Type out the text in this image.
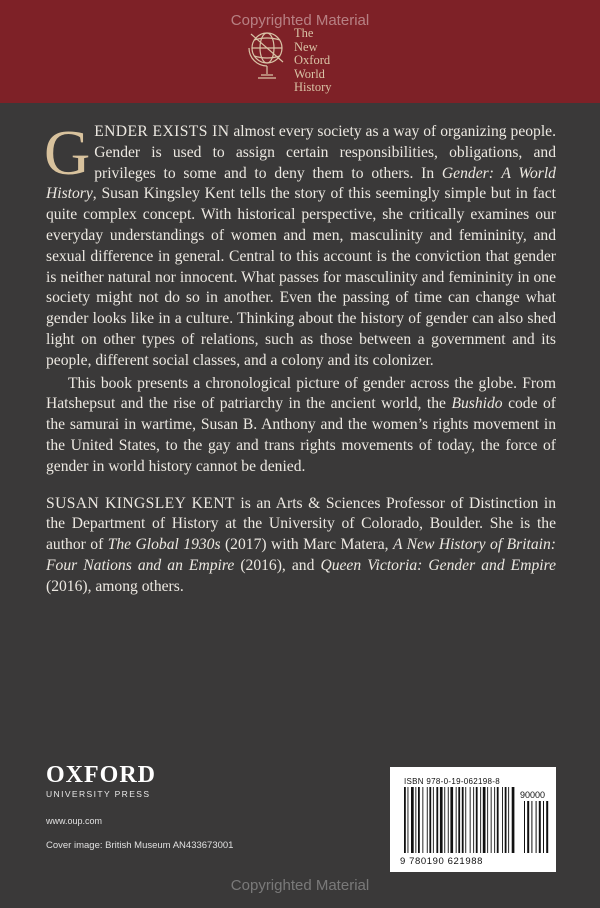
Copyrighted Material
The
New
Oxford
World
History

GENDER EXISTS IN almost every society as a way of organizing people. Gender is used to assign certain responsibilities, obligations, and privileges to some and to deny them to others. In Gender: A World History, Susan Kingsley Kent tells the story of this seemingly simple but in fact quite complex concept. With historical perspective, she critically examines our everyday understandings of women and men, masculinity and femininity, and sexual difference in general. Central to this account is the conviction that gender is neither natural nor innocent. What passes for masculinity and femininity in one society might not do so in another. Even the passing of time can change what gender looks like in a culture. Thinking about the history of gender can also shed light on other types of relations, such as those between a government and its people, different social classes, and a colony and its colonizer.

This book presents a chronological picture of gender across the globe. From Hatshepsut and the rise of patriarchy in the ancient world, the Bushido code of the samurai in wartime, Susan B. Anthony and the women’s rights movement in the United States, to the gay and trans rights movements of today, the force of gender in world history cannot be denied.

SUSAN KINGSLEY KENT is an Arts & Sciences Professor of Distinction in the Department of History at the University of Colorado, Boulder. She is the author of The Global 1930s (2017) with Marc Matera, A New History of Britain: Four Nations and an Empire (2016), and Queen Victoria: Gender and Empire (2016), among others.

OXFORD
UNIVERSITY PRESS
www.oup.com
Cover image: British Museum AN433673001
ISBN 978-0-19-062198-8
90000
9 780190 621988
Copyrighted Material
